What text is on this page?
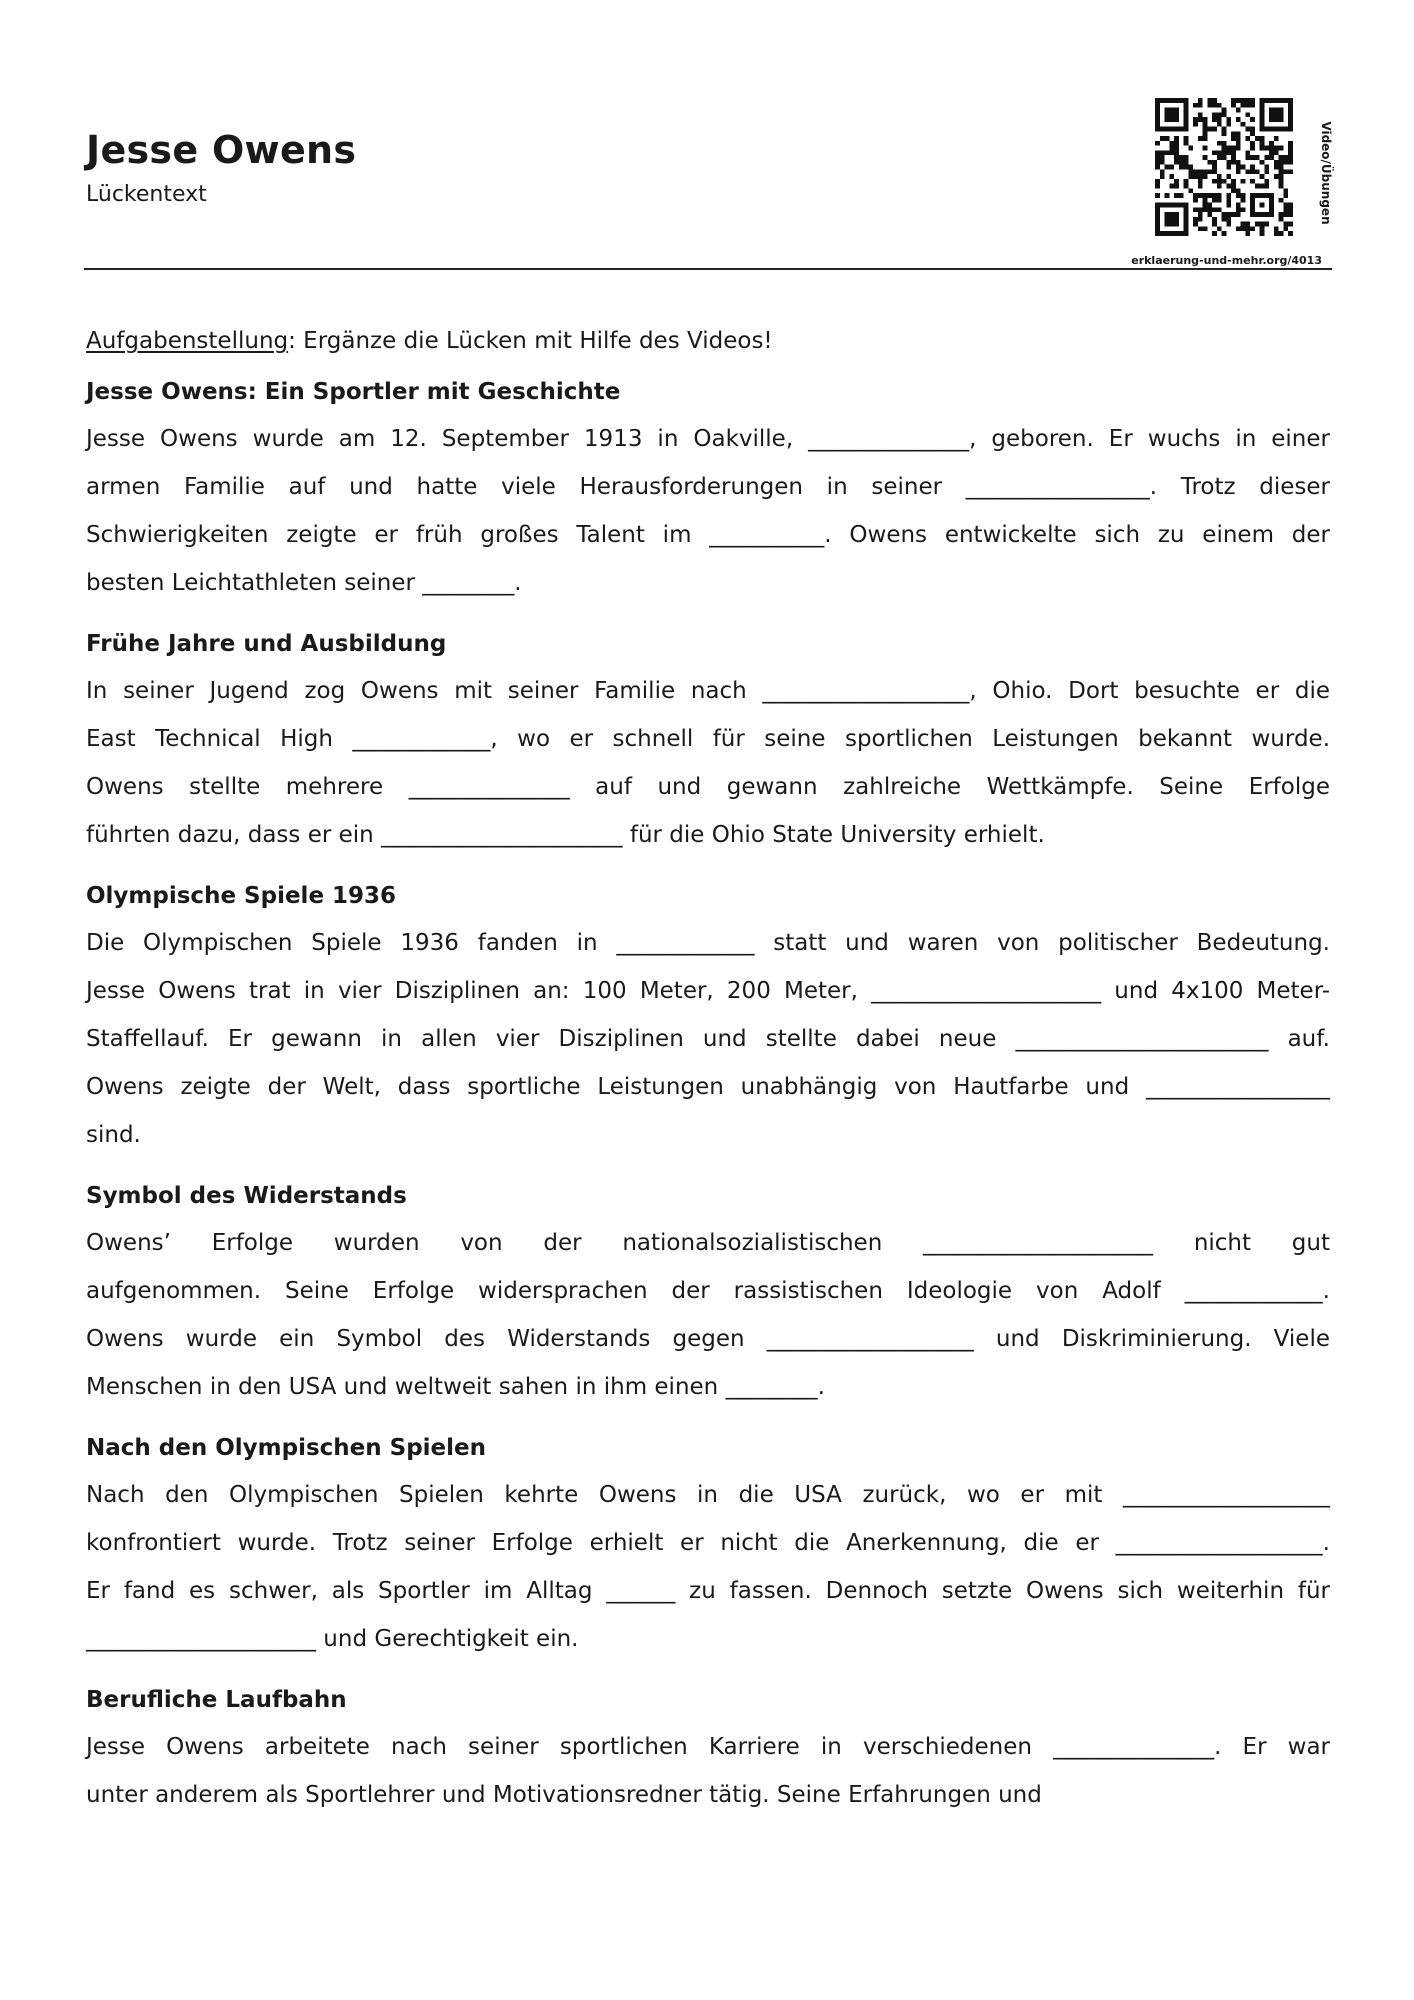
Jesse Owens
Lückentext	Video/Übungen
erklaerung-und-mehr.org/4013
Aufgabenstellung: Ergänze die Lücken mit Hilfe des Videos!
Jesse Owens: Ein Sportler mit Geschichte
Jesse Owens wurde am 12. September 1913 in Oakville, ______________, geboren. Er wuchs in einer
armen Familie auf und hatte viele Herausforderungen in seiner ________________. Trotz dieser
Schwierigkeiten zeigte er früh großes Talent im __________. Owens entwickelte sich zu einem der
besten Leichtathleten seiner ________.
Frühe Jahre und Ausbildung
In seiner Jugend zog Owens mit seiner Familie nach __________________, Ohio. Dort besuchte er die
East Technical High ____________, wo er schnell für seine sportlichen Leistungen bekannt wurde.
Owens stellte mehrere ______________ auf und gewann zahlreiche Wettkämpfe. Seine Erfolge
führten dazu, dass er ein _____________________ für die Ohio State University erhielt.
Olympische Spiele 1936
Die Olympischen Spiele 1936 fanden in ____________ statt und waren von politischer Bedeutung.
Jesse Owens trat in vier Disziplinen an: 100 Meter, 200 Meter, ____________________ und 4x100 Meter-
Staffellauf. Er gewann in allen vier Disziplinen und stellte dabei neue ______________________ auf.
Owens zeigte der Welt, dass sportliche Leistungen unabhängig von Hautfarbe und ________________
sind.
Symbol des Widerstands
Owens’ Erfolge wurden von der nationalsozialistischen ____________________ nicht gut
aufgenommen. Seine Erfolge widersprachen der rassistischen Ideologie von Adolf ____________.
Owens wurde ein Symbol des Widerstands gegen __________________ und Diskriminierung. Viele
Menschen in den USA und weltweit sahen in ihm einen ________.
Nach den Olympischen Spielen
Nach den Olympischen Spielen kehrte Owens in die USA zurück, wo er mit __________________
konfrontiert wurde. Trotz seiner Erfolge erhielt er nicht die Anerkennung, die er __________________.
Er fand es schwer, als Sportler im Alltag ______ zu fassen. Dennoch setzte Owens sich weiterhin für
____________________ und Gerechtigkeit ein.
Berufliche Laufbahn
Jesse Owens arbeitete nach seiner sportlichen Karriere in verschiedenen ______________. Er war
unter anderem als Sportlehrer und Motivationsredner tätig. Seine Erfahrungen und
